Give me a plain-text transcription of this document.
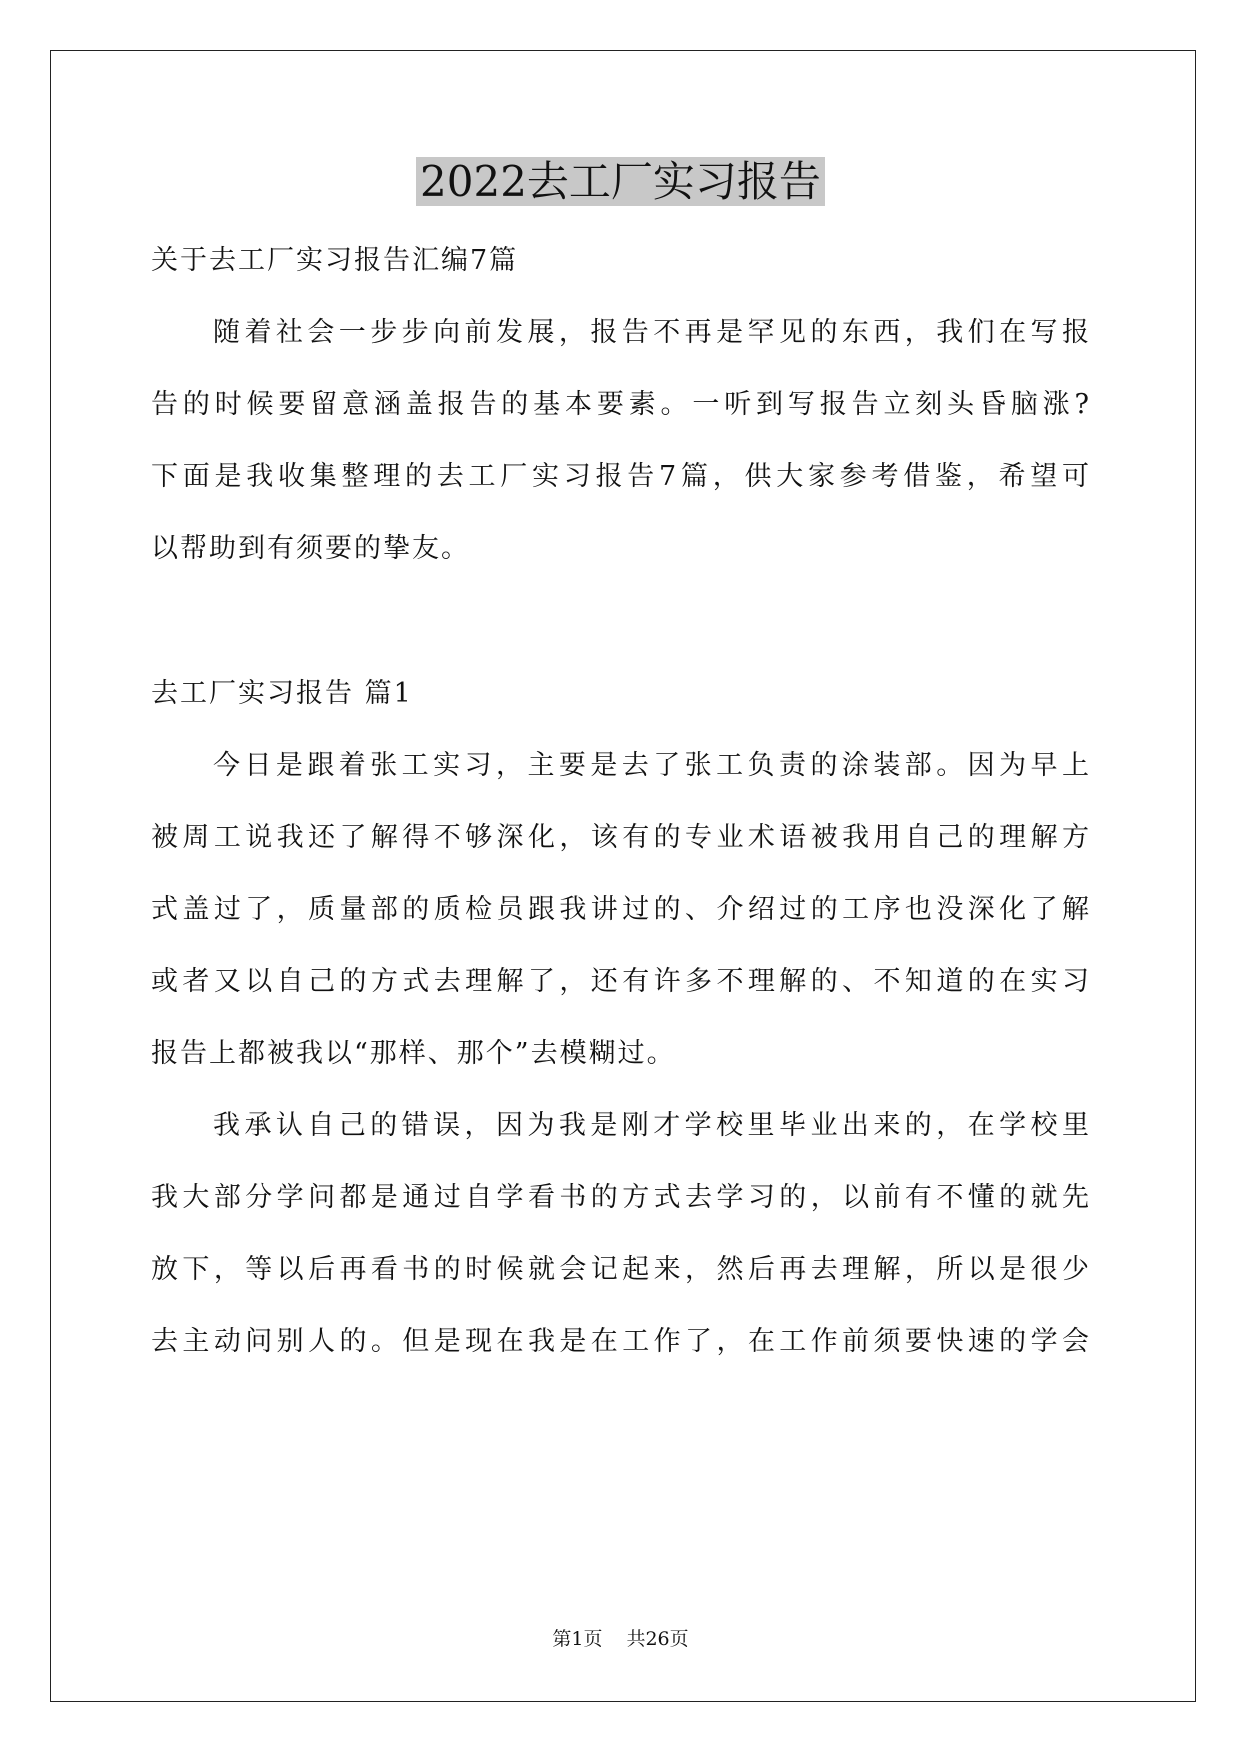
2022去工厂实习报告
关于去工厂实习报告汇编7篇
随着社会一步步向前发展，报告不再是罕见的东西，我们在写报
告的时候要留意涵盖报告的基本要素。一听到写报告立刻头昏脑涨?
下面是我收集整理的去工厂实习报告7篇，供大家参考借鉴，希望可
以帮助到有须要的挚友。
去工厂实习报告 篇1
今日是跟着张工实习，主要是去了张工负责的涂装部。因为早上
被周工说我还了解得不够深化，该有的专业术语被我用自己的理解方
式盖过了，质量部的质检员跟我讲过的、介绍过的工序也没深化了解
或者又以自己的方式去理解了，还有许多不理解的、不知道的在实习
报告上都被我以“那样、那个”去模糊过。
我承认自己的错误，因为我是刚才学校里毕业出来的，在学校里
我大部分学问都是通过自学看书的方式去学习的，以前有不懂的就先
放下，等以后再看书的时候就会记起来，然后再去理解，所以是很少
去主动问别人的。但是现在我是在工作了，在工作前须要快速的学会
第1页 共26页
